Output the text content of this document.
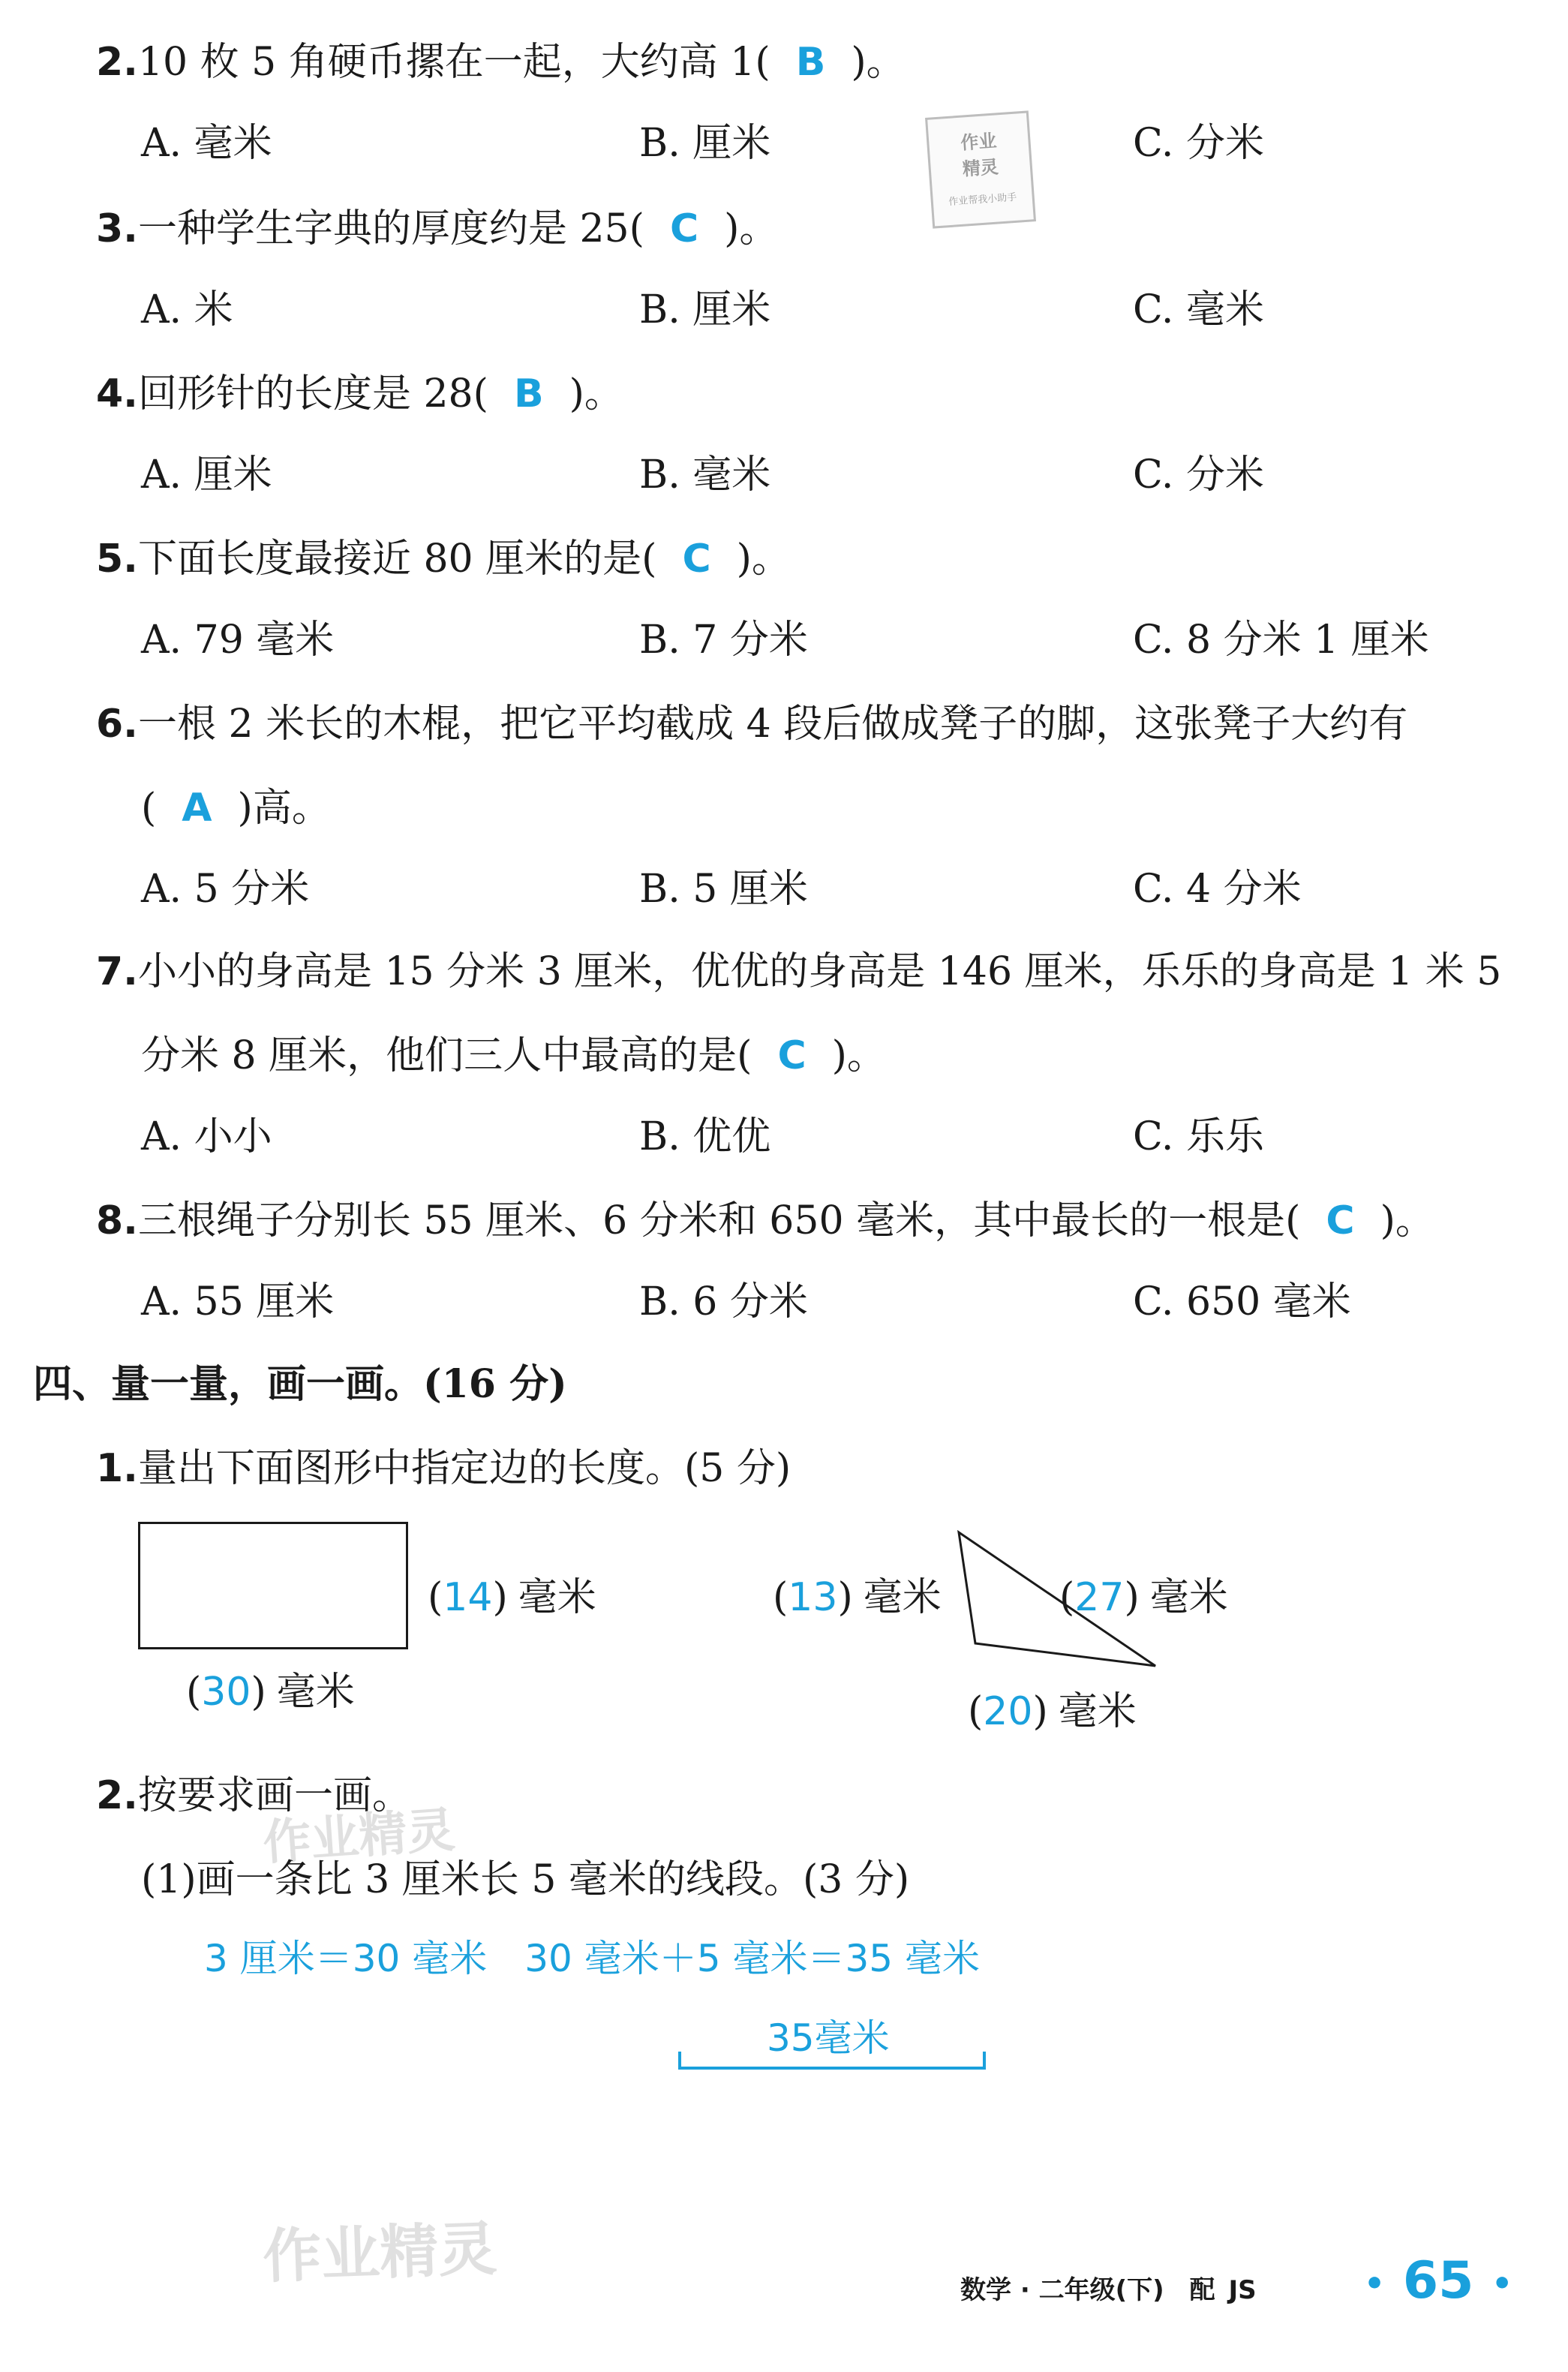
2.10 枚 5 角硬币摞在一起，大约高 1( B )。
A. 毫米	B. 厘米	C. 分米
作业
精灵
作业帮我小助手
3.一种学生字典的厚度约是 25( C )。
A. 米	B. 厘米	C. 毫米
4.回形针的长度是 28( B )。
A. 厘米	B. 毫米	C. 分米
5.下面长度最接近 80 厘米的是( C )。
A. 79 毫米	B. 7 分米	C. 8 分米 1 厘米
6.一根 2 米长的木棍，把它平均截成 4 段后做成凳子的脚，这张凳子大约有
( A )高。
A. 5 分米	B. 5 厘米	C. 4 分米
7.小小的身高是 15 分米 3 厘米，优优的身高是 146 厘米，乐乐的身高是 1 米 5
分米 8 厘米，他们三人中最高的是( C )。
A. 小小	B. 优优	C. 乐乐
8.三根绳子分别长 55 厘米、6 分米和 650 毫米，其中最长的一根是( C )。
A. 55 厘米	B. 6 分米	C. 650 毫米
四、量一量，画一画。(16 分)
1.量出下面图形中指定边的长度。(5 分)
(14) 毫米
(30) 毫米
(13) 毫米	(27) 毫米
(20) 毫米
2.按要求画一画。
作业精灵
(1)画一条比 3 厘米长 5 毫米的线段。(3 分)
3 厘米＝30 毫米　30 毫米＋5 毫米＝35 毫米
35毫米
作业精灵	数学 · 二年级(下)　配 JS	• 65 •
